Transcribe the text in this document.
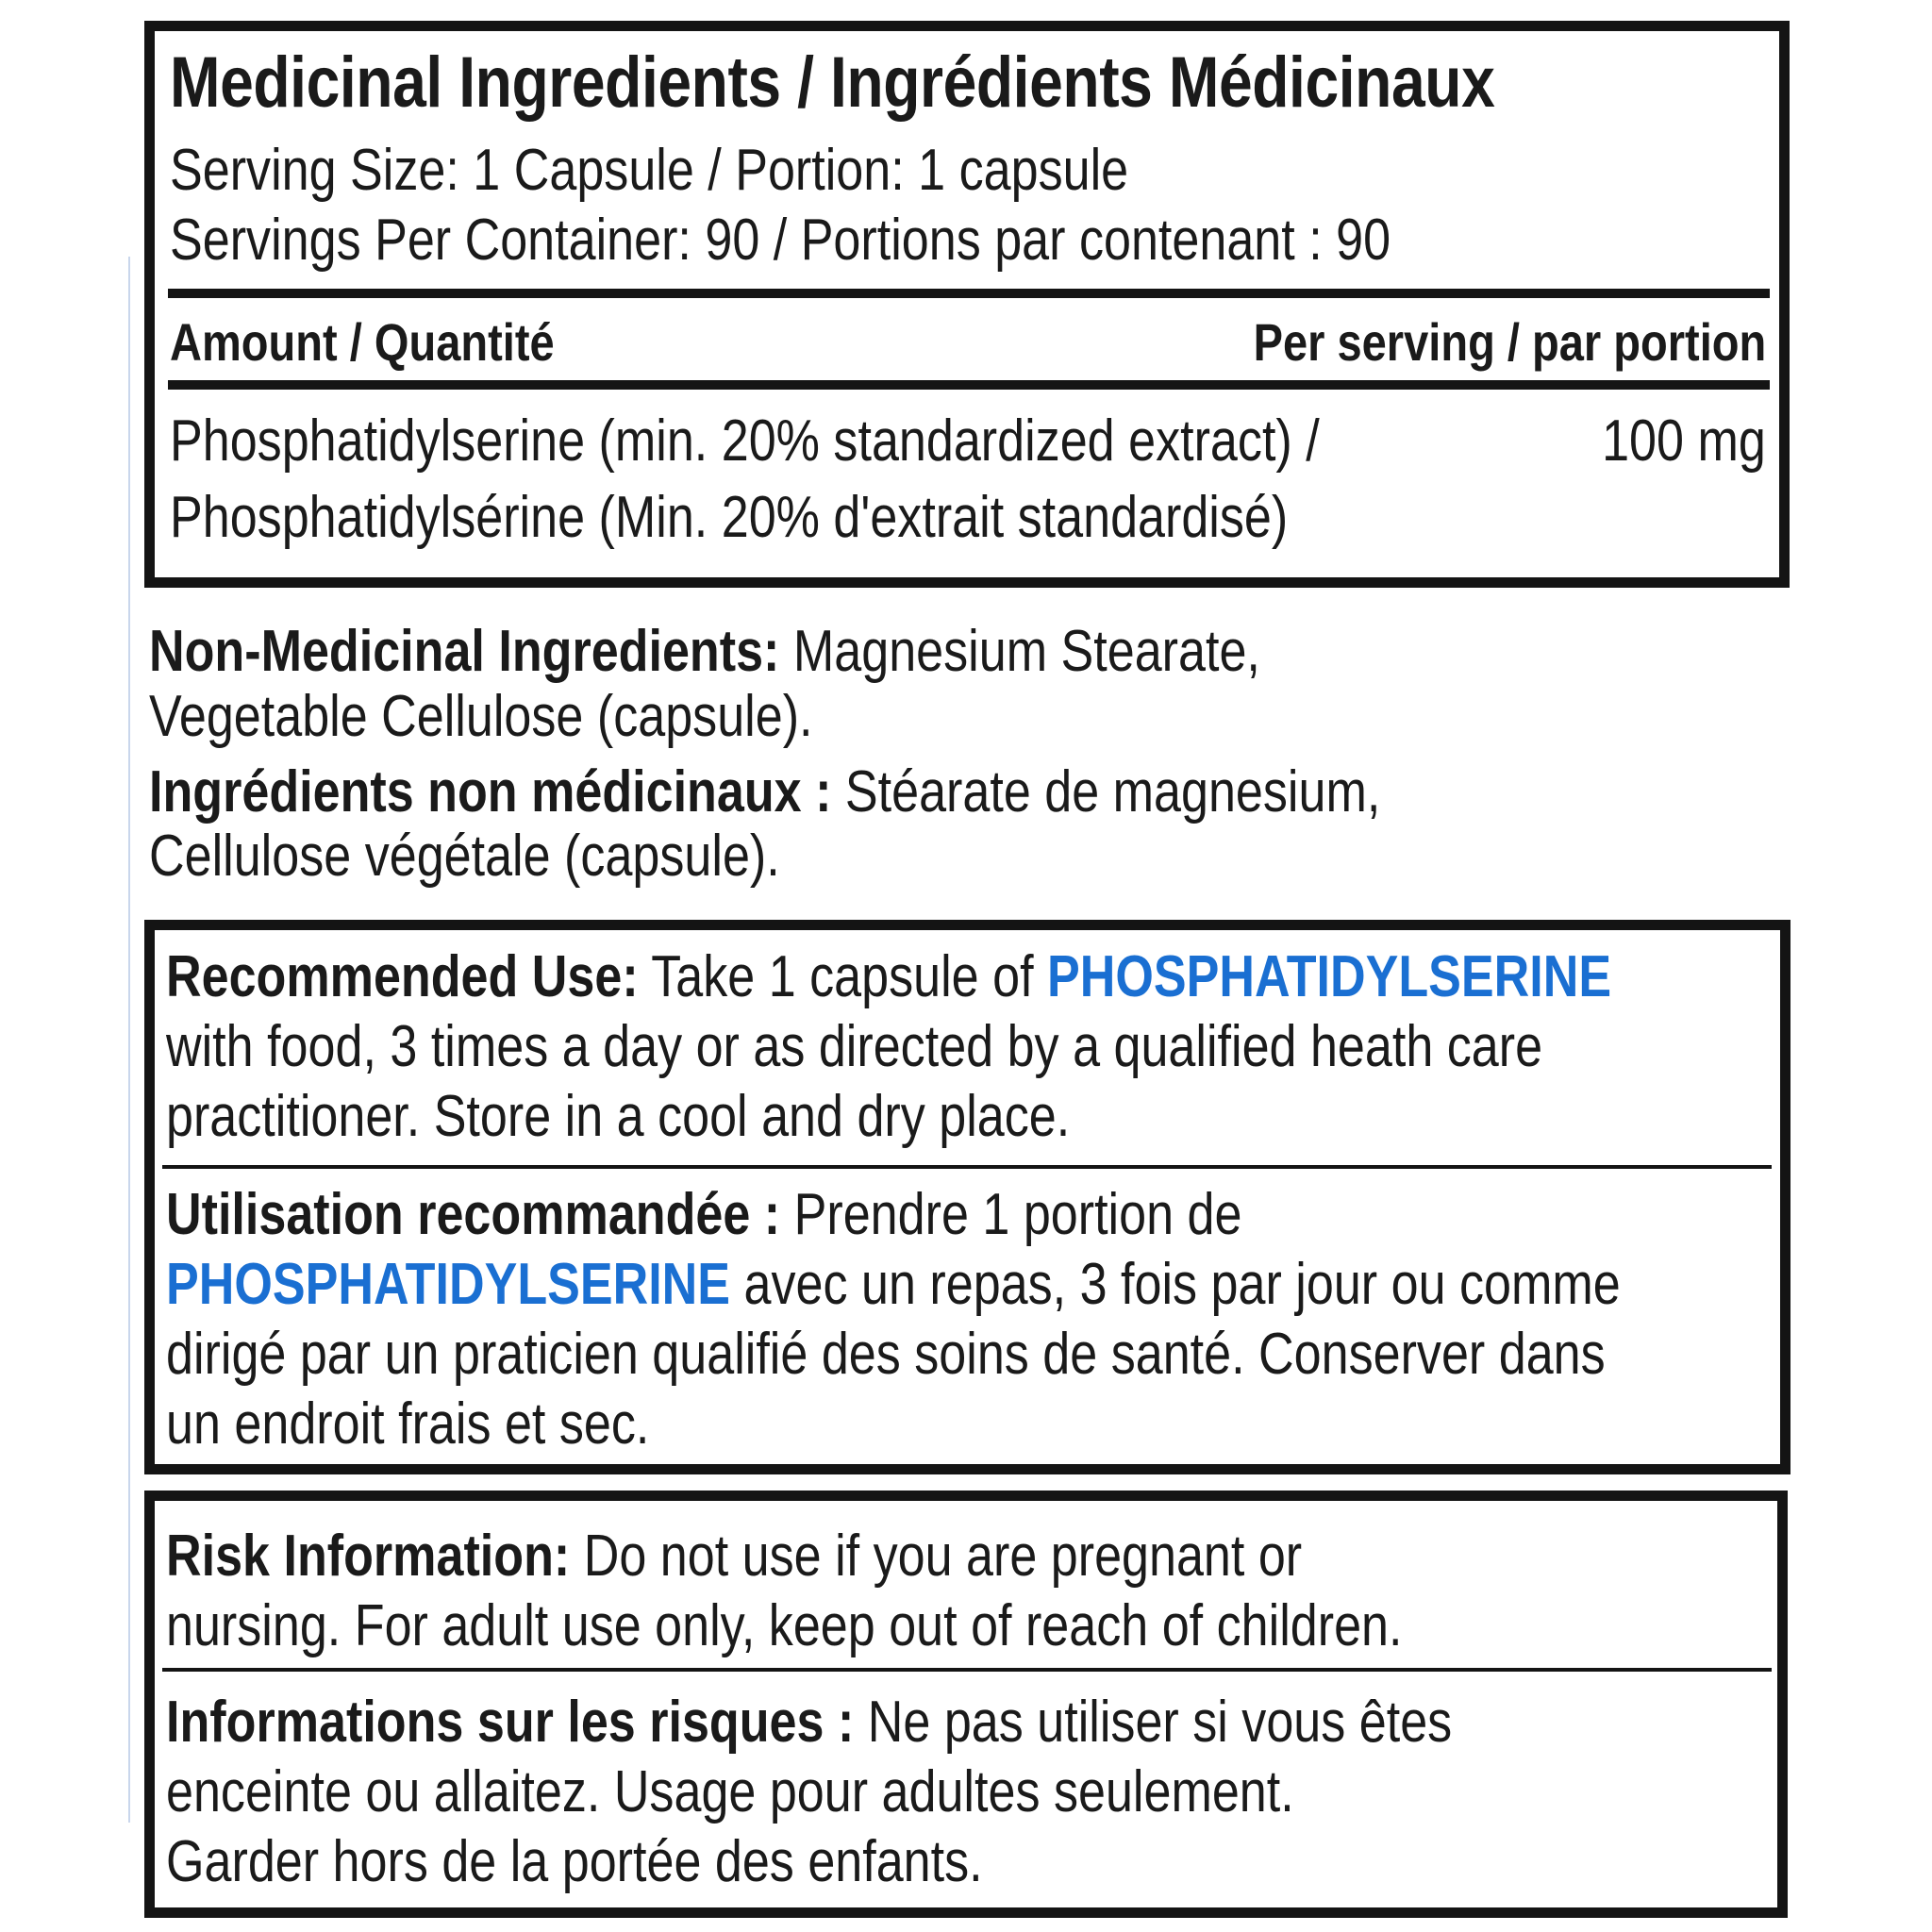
Medicinal Ingredients / Ingrédients Médicinaux
Serving Size: 1 Capsule / Portion: 1 capsule
Servings Per Container: 90 / Portions par contenant : 90
Amount / Quantité	Per serving / par portion
Phosphatidylserine (min. 20% standardized extract) /	100 mg
Phosphatidylsérine (Min. 20% d'extrait standardisé)
Non-Medicinal Ingredients: Magnesium Stearate,
Vegetable Cellulose (capsule).
Ingrédients non médicinaux : Stéarate de magnesium,
Cellulose végétale (capsule).
Recommended Use: Take 1 capsule of PHOSPHATIDYLSERINE
with food, 3 times a day or as directed by a qualified heath care
practitioner. Store in a cool and dry place.
Utilisation recommandée : Prendre 1 portion de
PHOSPHATIDYLSERINE avec un repas, 3 fois par jour ou comme
dirigé par un praticien qualifié des soins de santé. Conserver dans
un endroit frais et sec.
Risk Information: Do not use if you are pregnant or
nursing. For adult use only, keep out of reach of children.
Informations sur les risques : Ne pas utiliser si vous êtes
enceinte ou allaitez. Usage pour adultes seulement.
Garder hors de la portée des enfants.
